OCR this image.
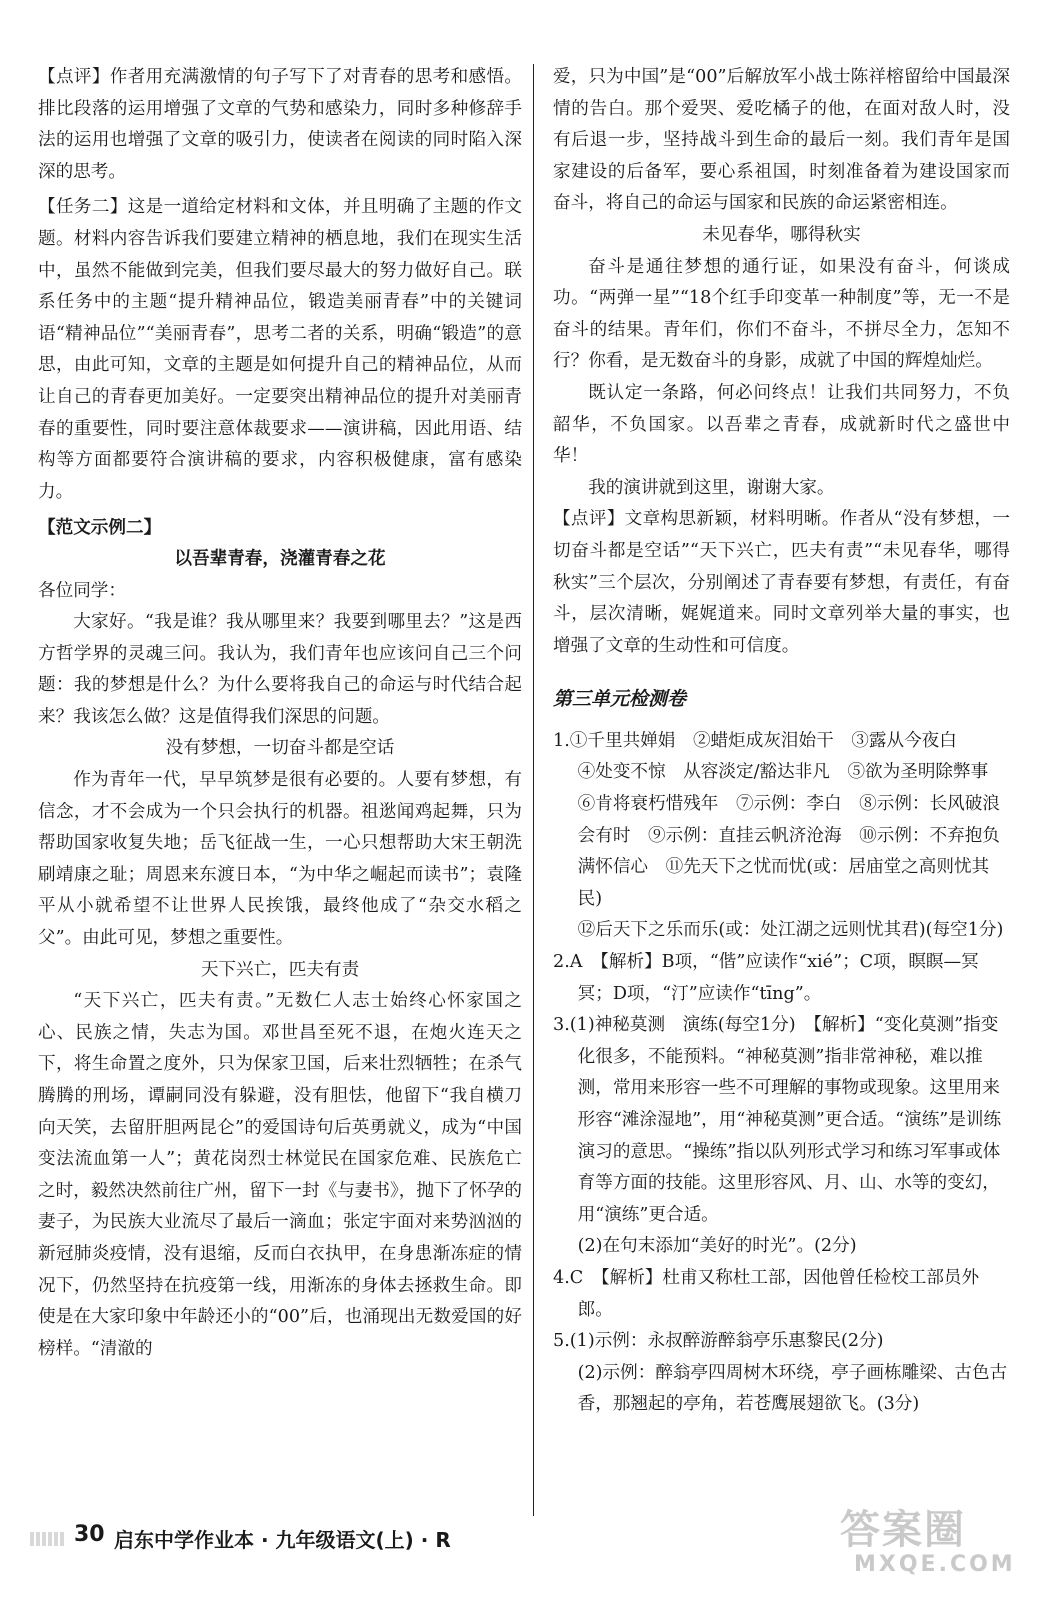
【点评】作者用充满激情的句子写下了对青春的思考和感悟。排比段落的运用增强了文章的气势和感染力，同时多种修辞手法的运用也增强了文章的吸引力，使读者在阅读的同时陷入深深的思考。

【任务二】这是一道给定材料和文体，并且明确了主题的作文题。材料内容告诉我们要建立精神的栖息地，我们在现实生活中，虽然不能做到完美，但我们要尽最大的努力做好自己。联系任务中的主题“提升精神品位，锻造美丽青春”中的关键词语“精神品位”“美丽青春”，思考二者的关系，明确“锻造”的意思，由此可知，文章的主题是如何提升自己的精神品位，从而让自己的青春更加美好。一定要突出精神品位的提升对美丽青春的重要性，同时要注意体裁要求——演讲稿，因此用语、结构等方面都要符合演讲稿的要求，内容积极健康，富有感染力。

【范文示例二】

以吾辈青春，浇灌青春之花

各位同学：

大家好。“我是谁？我从哪里来？我要到哪里去？”这是西方哲学界的灵魂三问。我认为，我们青年也应该问自己三个问题：我的梦想是什么？为什么要将我自己的命运与时代结合起来？我该怎么做？这是值得我们深思的问题。

没有梦想，一切奋斗都是空话

作为青年一代，早早筑梦是很有必要的。人要有梦想，有信念，才不会成为一个只会执行的机器。祖逖闻鸡起舞，只为帮助国家收复失地；岳飞征战一生，一心只想帮助大宋王朝洗刷靖康之耻；周恩来东渡日本，“为中华之崛起而读书”；袁隆平从小就希望不让世界人民挨饿，最终他成了“杂交水稻之父”。由此可见，梦想之重要性。

天下兴亡，匹夫有责

“天下兴亡，匹夫有责。”无数仁人志士始终心怀家国之心、民族之情，失志为国。邓世昌至死不退，在炮火连天之下，将生命置之度外，只为保家卫国，后来壮烈牺牲；在杀气腾腾的刑场，谭嗣同没有躲避，没有胆怯，他留下“我自横刀向天笑，去留肝胆两昆仑”的爱国诗句后英勇就义，成为“中国变法流血第一人”；黄花岗烈士林觉民在国家危难、民族危亡之时，毅然决然前往广州，留下一封《与妻书》，抛下了怀孕的妻子，为民族大业流尽了最后一滴血；张定宇面对来势汹汹的新冠肺炎疫情，没有退缩，反而白衣执甲，在身患渐冻症的情况下，仍然坚持在抗疫第一线，用渐冻的身体去拯救生命。即使是在大家印象中年龄还小的“00”后，也涌现出无数爱国的好榜样。“清澈的

爱，只为中国”是“00”后解放军小战士陈祥榕留给中国最深情的告白。那个爱哭、爱吃橘子的他，在面对敌人时，没有后退一步，坚持战斗到生命的最后一刻。我们青年是国家建设的后备军，要心系祖国，时刻准备着为建设国家而奋斗，将自己的命运与国家和民族的命运紧密相连。

未见春华，哪得秋实

奋斗是通往梦想的通行证，如果没有奋斗，何谈成功。“两弹一星”“18个红手印变革一种制度”等，无一不是奋斗的结果。青年们，你们不奋斗，不拼尽全力，怎知不行？你看，是无数奋斗的身影，成就了中国的辉煌灿烂。

既认定一条路，何必问终点！让我们共同努力，不负韶华，不负国家。以吾辈之青春，成就新时代之盛世中华！

我的演讲就到这里，谢谢大家。

【点评】文章构思新颖，材料明晰。作者从“没有梦想，一切奋斗都是空话”“天下兴亡，匹夫有责”“未见春华，哪得秋实”三个层次，分别阐述了青春要有梦想，有责任，有奋斗，层次清晰，娓娓道来。同时文章列举大量的事实，也增强了文章的生动性和可信度。

第三单元检测卷

1.①千里共婵娟　②蜡炬成灰泪始干　③露从今夜白

④处变不惊　从容淡定/豁达非凡　⑤欲为圣明除弊事

⑥肯将衰朽惜残年　⑦示例：李白　⑧示例：长风破浪会有时　⑨示例：直挂云帆济沧海　⑩示例：不弃抱负　满怀信心　⑪先天下之忧而忧(或：居庙堂之高则忧其民)

⑫后天下之乐而乐(或：处江湖之远则忧其君)(每空1分)

2.A　【解析】B项，“偕”应读作“xié”；C项，瞑瞑—冥冥；D项，“汀”应读作“tīng”。

3.(1)神秘莫测　演练(每空1分)　【解析】“变化莫测”指变化很多，不能预料。“神秘莫测”指非常神秘，难以推测，常用来形容一些不可理解的事物或现象。这里用来形容“滩涂湿地”，用“神秘莫测”更合适。“演练”是训练演习的意思。“操练”指以队列形式学习和练习军事或体育等方面的技能。这里形容风、月、山、水等的变幻，用“演练”更合适。

(2)在句末添加“美好的时光”。(2分)

4.C　【解析】杜甫又称杜工部，因他曾任检校工部员外郎。

5.(1)示例：永叔醉游醉翁亭乐惠黎民(2分)

(2)示例：醉翁亭四周树木环绕，亭子画栋雕梁、古色古香，那翘起的亭角，若苍鹰展翅欲飞。(3分)

30 启东中学作业本 · 九年级语文(上) · R	答案圈
MXQE.COM
